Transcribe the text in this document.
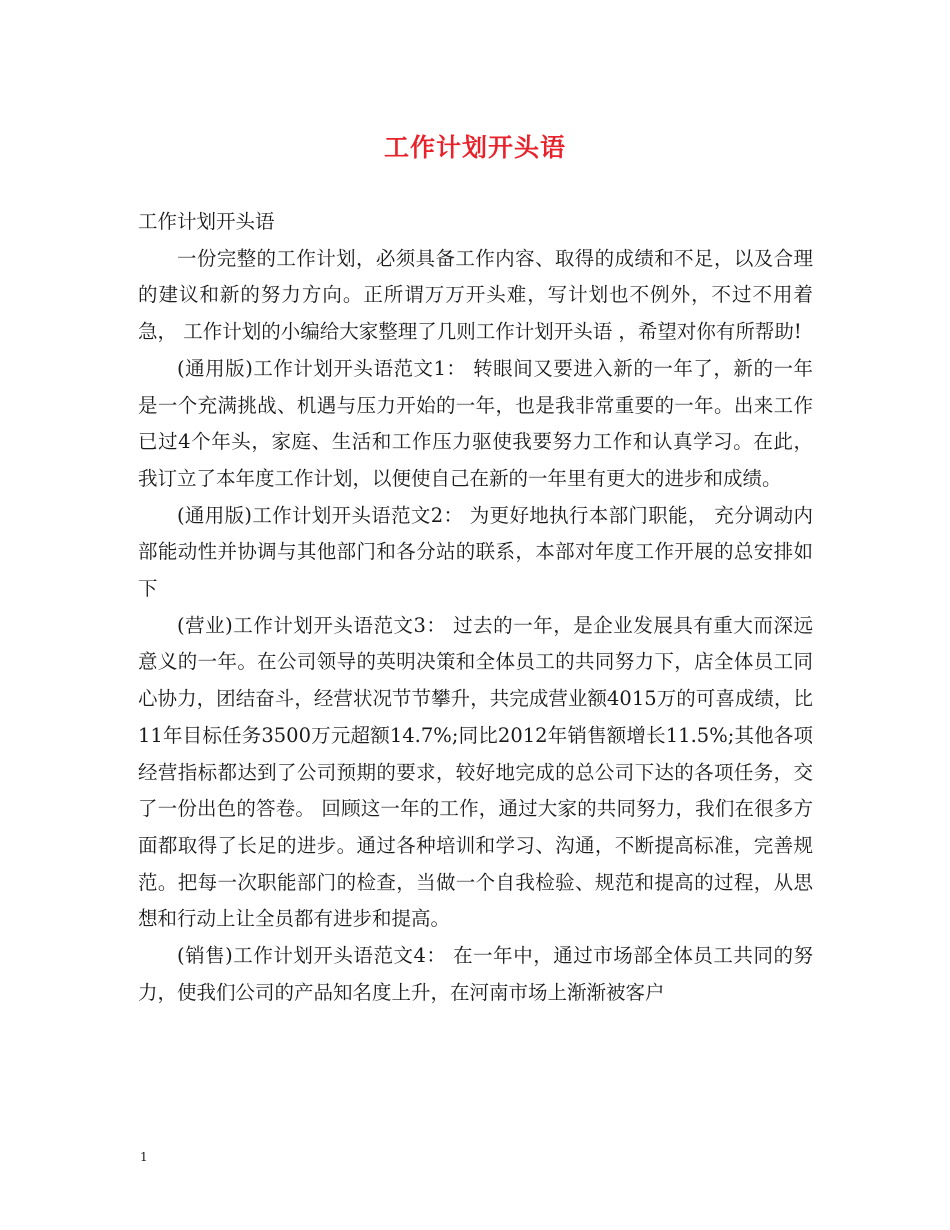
工作计划开头语

工作计划开头语

一份完整的工作计划，必须具备工作内容、取得的成绩和不足，以及合理的建议和新的努力方向。正所谓万万开头难，写计划也不例外，不过不用着急， 工作计划的小编给大家整理了几则工作计划开头语 ，希望对你有所帮助!

(通用版)工作计划开头语范文1： 转眼间又要进入新的一年了，新的一年是一个充满挑战、机遇与压力开始的一年，也是我非常重要的一年。出来工作已过4个年头，家庭、生活和工作压力驱使我要努力工作和认真学习。在此，我订立了本年度工作计划，以便使自己在新的一年里有更大的进步和成绩。

(通用版)工作计划开头语范文2： 为更好地执行本部门职能， 充分调动内部能动性并协调与其他部门和各分站的联系，本部对年度工作开展的总安排如下

(营业)工作计划开头语范文3： 过去的一年，是企业发展具有重大而深远意义的一年。在公司领导的英明决策和全体员工的共同努力下，店全体员工同心协力，团结奋斗，经营状况节节攀升，共完成营业额4015万的可喜成绩，比11年目标任务3500万元超额14.7%;同比2012年销售额增长11.5%;其他各项经营指标都达到了公司预期的要求，较好地完成的总公司下达的各项任务，交了一份出色的答卷。 回顾这一年的工作，通过大家的共同努力，我们在很多方面都取得了长足的进步。通过各种培训和学习、沟通，不断提高标准，完善规范。把每一次职能部门的检查，当做一个自我检验、规范和提高的过程，从思想和行动上让全员都有进步和提高。

(销售)工作计划开头语范文4： 在一年中，通过市场部全体员工共同的努力，使我们公司的产品知名度上升，在河南市场上渐渐被客户

1
